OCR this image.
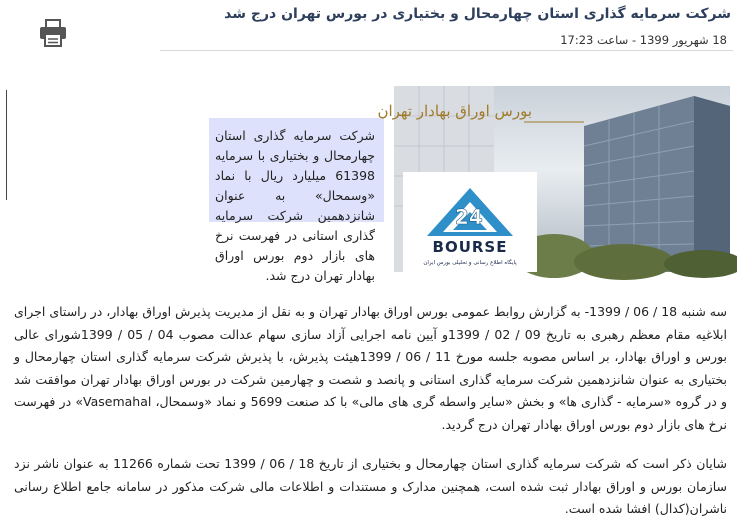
شرکت سرمایه گذاری استان چهارمحال و بختیاری در بورس تهران درج شد
18 شهریور 1399 - ساعت 17:23
شرکت سرمایه گذاری استان چهارمحال و بختیاری با سرمایه 61398 میلیارد ریال با نماد «وسمحال» به عنوان شانزدهمین شرکت سرمایه گذاری استانی در فهرست نرخ های بازار دوم بورس اوراق بهادار تهران درج شد.
بورس اوراق بهادار تهران
24
BOURSE
پایگاه اطلاع رسانی و تحلیلی بورس ایران

سه شنبه 18 / 06 / 1399- به گزارش روابط عمومی بورس اوراق بهادار تهران و به نقل از مدیریت پذیرش اوراق بهادار، در راستای اجرای ابلاغیه مقام معظم رهبری به تاریخ 09 / 02 / 1399و آیین نامه اجرایی آزاد سازی سهام عدالت مصوب 04 / 05 / 1399شورای عالی بورس و اوراق بهادار، بر اساس مصوبه جلسه مورخ 11 / 06 / 1399هیئت پذیرش، با پذیرش شرکت سرمایه گذاری استان چهارمحال و بختیاری به عنوان شانزدهمین شرکت سرمایه گذاری استانی و پانصد و شصت و چهارمین شرکت در بورس اوراق بهادار تهران موافقت شد و در گروه «سرمایه - گذاری ها» و بخش «سایر واسطه گری های مالی» با کد صنعت 5699 و نماد «وسمحال، Vasemahal» در فهرست نرخ های بازار دوم بورس اوراق بهادار تهران درج گردید.

شایان ذکر است که شرکت سرمایه گذاری استان چهارمحال و بختیاری از تاریخ 18 / 06 / 1399 تحت شماره 11266 به عنوان ناشر نزد سازمان بورس و اوراق بهادار ثبت شده است، همچنین مدارک و مستندات و اطلاعات مالی شرکت مذکور در سامانه جامع اطلاع رسانی ناشران(کدال) افشا شده است.
